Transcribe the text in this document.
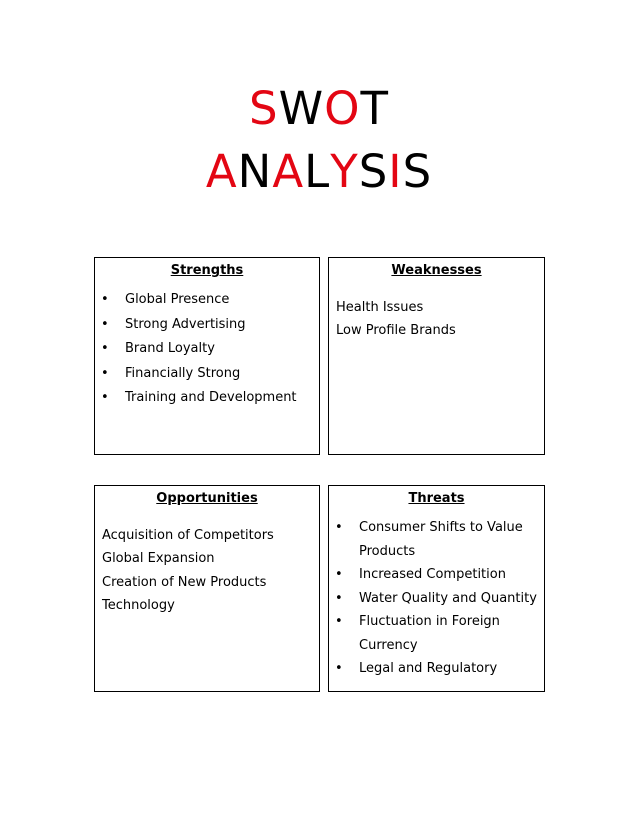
SWOT
ANALYSIS
Strengths
• Global Presence
• Strong Advertising
• Brand Loyalty
• Financially Strong
• Training and Development
Weaknesses
Health Issues
Low Profile Brands
Opportunities
Acquisition of Competitors
Global Expansion
Creation of New Products
Technology
Threats
• Consumer Shifts to Value Products
• Increased Competition
• Water Quality and Quantity
• Fluctuation in Foreign Currency
• Legal and Regulatory
